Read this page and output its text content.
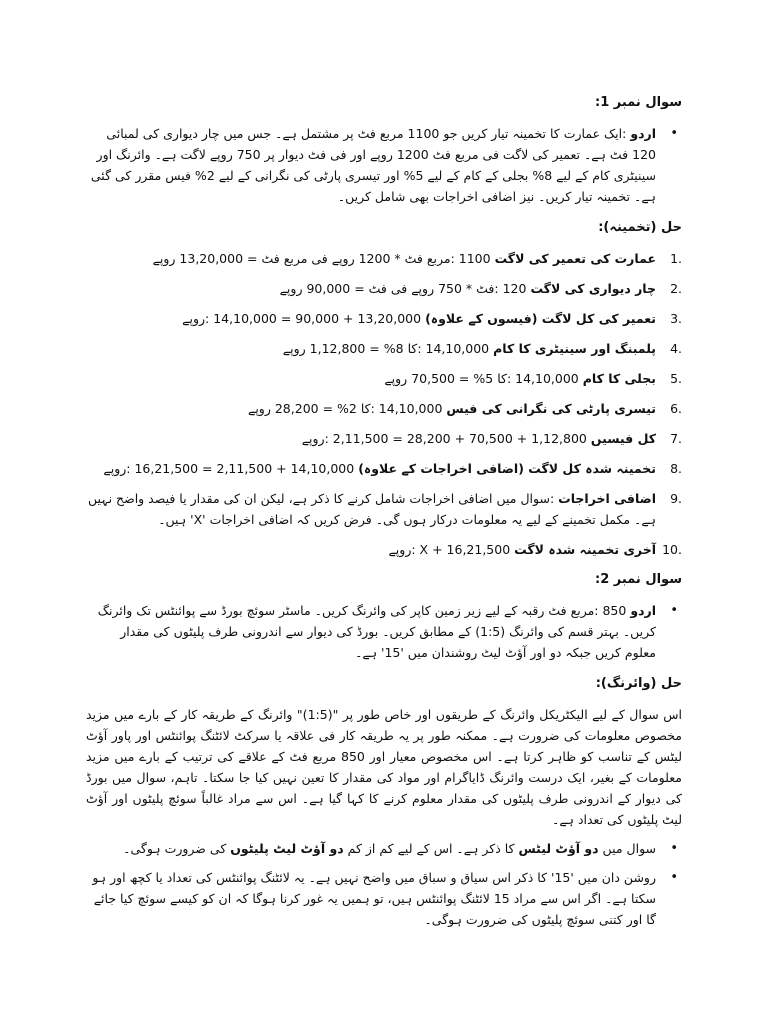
سوال نمبر 1:
• اردو :ایک عمارت کا تخمینہ تیار کریں جو 1100 مربع فٹ پر مشتمل ہے۔ جس میں چار دیواری کی لمبائی 120 فٹ ہے۔ تعمیر کی لاگت فی مربع فٹ 1200 روپے اور فی فٹ دیوار پر 750 روپے لاگت ہے۔ وائرنگ اور سینیٹری کام کے لیے 8% بجلی کے کام کے لیے 5% اور تیسری پارٹی کی نگرانی کے لیے 2% فیس مقرر کی گئی ہے۔ تخمینہ تیار کریں۔ نیز اضافی اخراجات بھی شامل کریں۔
حل (تخمینہ):
1.
عمارت کی تعمیر کی لاگت 1100 :مربع فٹ * 1200 روپے فی مربع فٹ = 13,20,000 روپے
2.
چار دیواری کی لاگت 120 :فٹ * 750 روپے فی فٹ = 90,000 روپے
3.
تعمیر کی کل لاگت (فیسوں کے علاوہ) 13,20,000 + 90,000 = 14,10,000 :روپے
4.
پلمبنگ اور سینیٹری کا کام 14,10,000 :کا 8% = 1,12,800 روپے
5.
بجلی کا کام 14,10,000 :کا 5% = 70,500 روپے
6.
تیسری پارٹی کی نگرانی کی فیس 14,10,000 :کا 2% = 28,200 روپے
7.
کل فیسیں 1,12,800 + 70,500 + 28,200 = 2,11,500 :روپے
8.
تخمینہ شدہ کل لاگت (اضافی اخراجات کے علاوہ) 14,10,000 + 2,11,500 = 16,21,500 :روپے
9.
اضافی اخراجات :سوال میں اضافی اخراجات شامل کرنے کا ذکر ہے، لیکن ان کی مقدار یا فیصد واضح نہیں ہے۔ مکمل تخمینے کے لیے یہ معلومات درکار ہوں گی۔ فرض کریں کہ اضافی اخراجات 'X' ہیں۔
10.
آخری تخمینہ شدہ لاگت 16,21,500 + X :روپے
سوال نمبر 2:
• اردو 850 :مربع فٹ رقبہ کے لیے زیر زمین کاپر کی وائرنگ کریں۔ ماسٹر سوئچ بورڈ سے پوائنٹس تک وائرنگ کریں۔ بہتر قسم کی وائرنگ (1:5) کے مطابق کریں۔ بورڈ کی دیوار سے اندرونی طرف پلیٹوں کی مقدار معلوم کریں جبکہ دو اور آؤٹ لیٹ روشندان میں '15' ہے۔
حل (وائرنگ):

اس سوال کے لیے الیکٹریکل وائرنگ کے طریقوں اور خاص طور پر "(1:5)" وائرنگ کے طریقہ کار کے بارے میں مزید مخصوص معلومات کی ضرورت ہے۔ ممکنہ طور پر یہ طریقہ کار فی علاقہ یا سرکٹ لائٹنگ پوائنٹس اور پاور آؤٹ لیٹس کے تناسب کو ظاہر کرتا ہے۔ اس مخصوص معیار اور 850 مربع فٹ کے علاقے کی ترتیب کے بارے میں مزید معلومات کے بغیر، ایک درست وائرنگ ڈایاگرام اور مواد کی مقدار کا تعین نہیں کیا جا سکتا۔ تاہم، سوال میں بورڈ کی دیوار کے اندرونی طرف پلیٹوں کی مقدار معلوم کرنے کا کہا گیا ہے۔ اس سے مراد غالباً سوئچ پلیٹوں اور آؤٹ لیٹ پلیٹوں کی تعداد ہے۔

• سوال میں دو آؤٹ لیٹس کا ذکر ہے۔ اس کے لیے کم از کم دو آؤٹ لیٹ پلیٹوں کی ضرورت ہوگی۔
• روشن دان میں '15' کا ذکر اس سیاق و سباق میں واضح نہیں ہے۔ یہ لائٹنگ پوائنٹس کی تعداد یا کچھ اور ہو سکتا ہے۔ اگر اس سے مراد 15 لائٹنگ پوائنٹس ہیں، تو ہمیں یہ غور کرنا ہوگا کہ ان کو کیسے سوئچ کیا جائے گا اور کتنی سوئچ پلیٹوں کی ضرورت ہوگی۔
